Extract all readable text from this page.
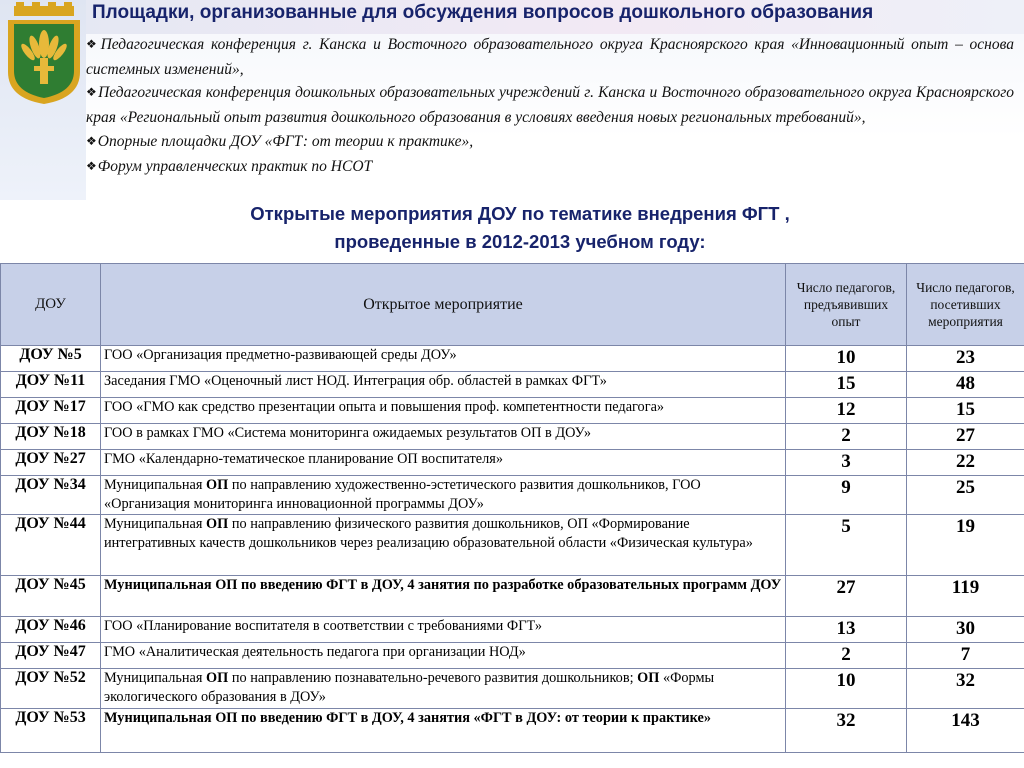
Площадки, организованные для обсуждения вопросов дошкольного образования
❖Педагогическая конференция г. Канска и Восточного образовательного округа Красноярского края «Инновационный опыт – основа системных изменений»,
❖Педагогическая конференция дошкольных образовательных учреждений г. Канска и Восточного образовательного округа Красноярского края «Региональный опыт развития дошкольного образования в условиях введения новых региональных требований»,
❖Опорные площадки ДОУ «ФГТ: от теории к практике»,
❖Форум управленческих практик по НСОТ
Открытые мероприятия ДОУ по тематике внедрения ФГТ ,
проведенные в 2012-2013 учебном году:
ДОУ	Открытое мероприятие	Число педагогов, предъявивших опыт	Число педагогов, посетивших мероприятия
ДОУ №5	ГОО «Организация предметно-развивающей среды ДОУ»	10	23
ДОУ №11	Заседания ГМО «Оценочный лист НОД. Интеграция обр. областей в рамках ФГТ»	15	48
ДОУ №17	ГОО «ГМО как средство презентации опыта и повышения проф. компетентности педагога»	12	15
ДОУ №18	ГОО в рамках ГМО «Система мониторинга ожидаемых результатов ОП в ДОУ»	2	27
ДОУ №27	ГМО «Календарно-тематическое планирование ОП воспитателя»	3	22
ДОУ №34	Муниципальная ОП по направлению художественно-эстетического развития дошкольников, ГОО «Организация мониторинга инновационной программы ДОУ»	9	25
ДОУ №44	Муниципальная ОП по направлению физического развития дошкольников, ОП «Формирование интегративных качеств дошкольников через реализацию образовательной области «Физическая культура»	5	19
ДОУ №45	Муниципальная ОП по введению ФГТ в ДОУ, 4 занятия по разработке образовательных программ ДОУ	27	119
ДОУ №46	ГОО «Планирование воспитателя в соответствии с требованиями ФГТ»	13	30
ДОУ №47	ГМО «Аналитическая деятельность педагога при организации НОД»	2	7
ДОУ №52	Муниципальная ОП по направлению познавательно-речевого развития дошкольников; ОП «Формы экологического образования в ДОУ»	10	32
ДОУ №53	Муниципальная ОП по введению ФГТ в ДОУ, 4 занятия «ФГТ в ДОУ: от теории к практике»	32	143
